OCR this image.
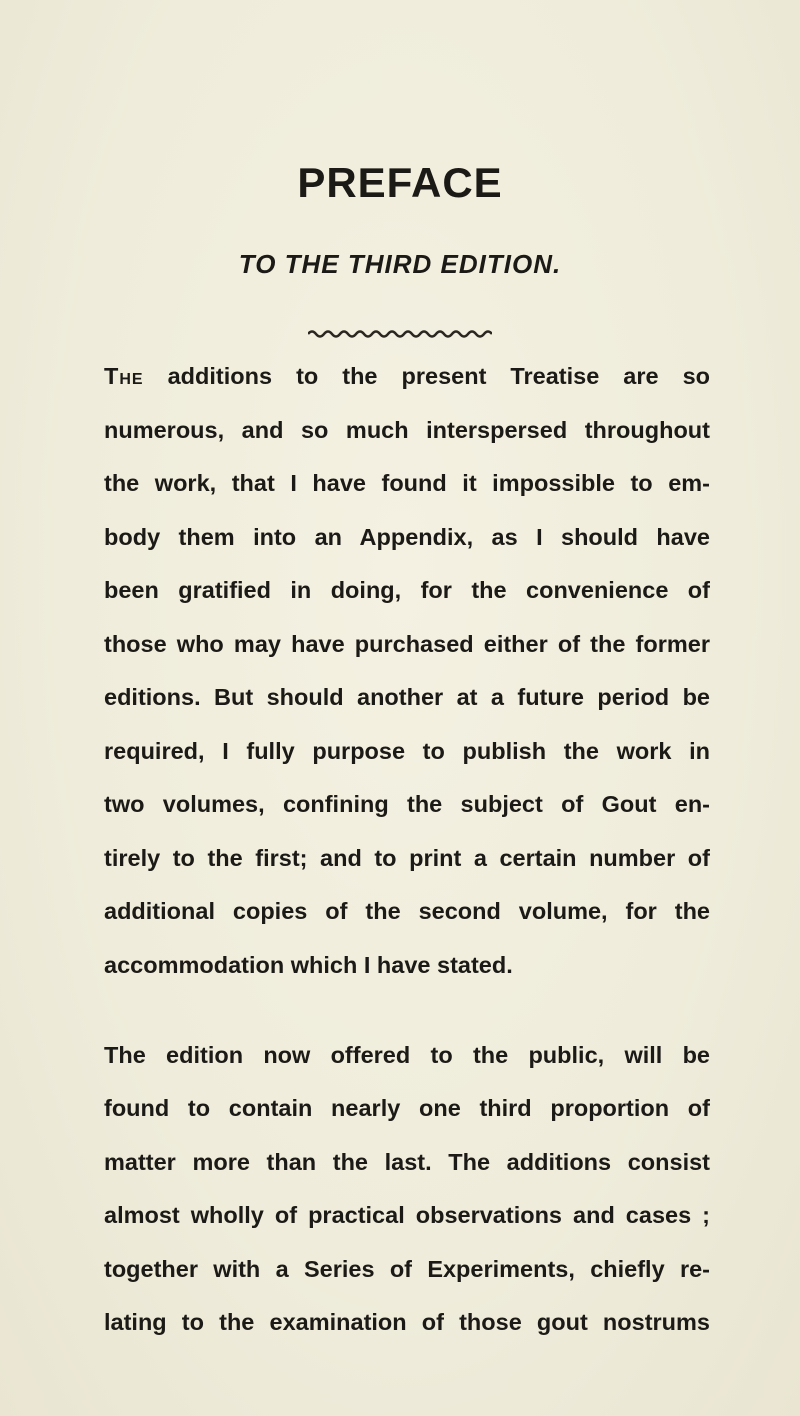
PREFACE
TO THE THIRD EDITION.
The additions to the present Treatise are so
numerous, and so much interspersed throughout
the work, that I have found it impossible to em-
body them into an Appendix, as I should have
been gratified in doing, for the convenience of
those who may have purchased either of the former
editions. But should another at a future period be
required, I fully purpose to publish the work in
two volumes, confining the subject of Gout en-
tirely to the first; and to print a certain number of
additional copies of the second volume, for the
accommodation which I have stated.
The edition now offered to the public, will be
found to contain nearly one third proportion of
matter more than the last. The additions consist
almost wholly of practical observations and cases ;
together with a Series of Experiments, chiefly re-
lating to the examination of those gout nostrums
